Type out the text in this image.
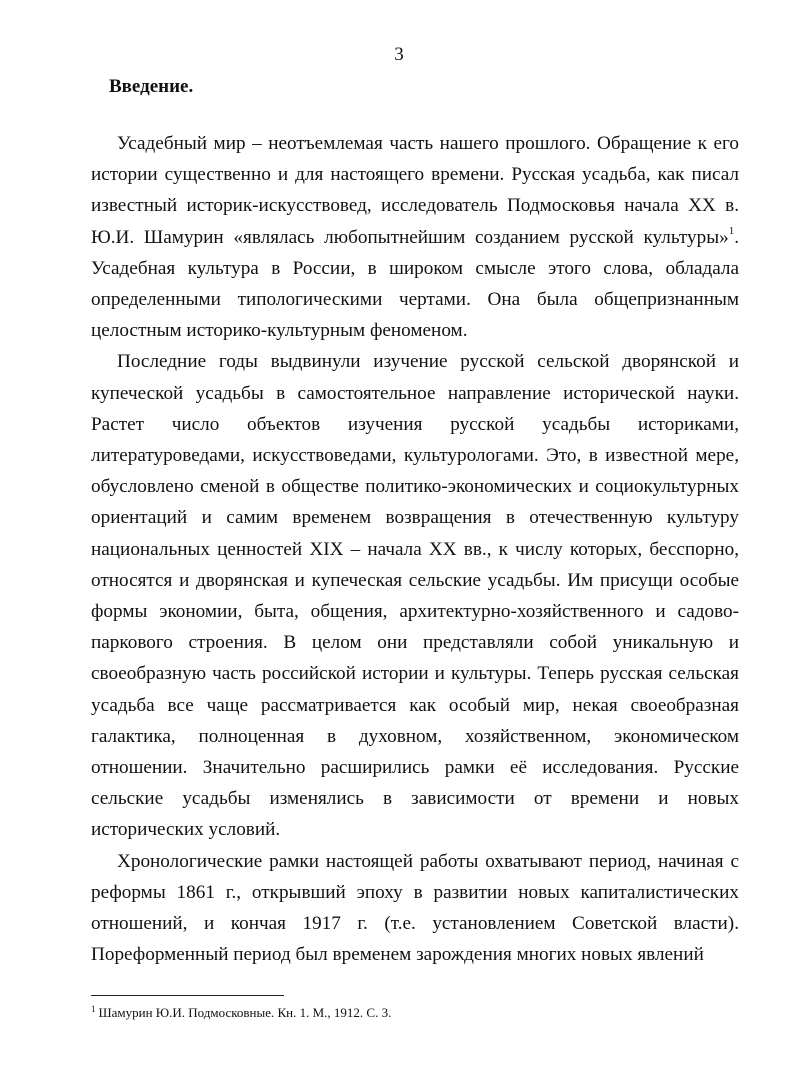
3
Введение.

Усадебный мир – неотъемлемая часть нашего прошлого. Обращение к его истории существенно и для настоящего времени. Русская усадьба, как писал известный историк-искусствовед, исследователь Подмосковья начала XX в. Ю.И. Шамурин «являлась любопытнейшим созданием русской культуры»$^1$. Усадебная культура в России, в широком смысле этого слова, обладала определенными типологическими чертами. Она была общепризнанным целостным историко-культурным феноменом.

Последние годы выдвинули изучение русской сельской дворянской и купеческой усадьбы в самостоятельное направление исторической науки. Растет число объектов изучения русской усадьбы историками, литературоведами, искусствоведами, культурологами. Это, в известной мере, обусловлено сменой в обществе политико-экономических и социокультурных ориентаций и самим временем возвращения в отечественную культуру национальных ценностей XIX – начала XX вв., к числу которых, бесспорно, относятся и дворянская и купеческая сельские усадьбы. Им присущи особые формы экономии, быта, общения, архитектурно-хозяйственного и садово-паркового строения. В целом они представляли собой уникальную и своеобразную часть российской истории и культуры. Теперь русская сельская усадьба все чаще рассматривается как особый мир, некая своеобразная галактика, полноценная в духовном, хозяйственном, экономическом отношении. Значительно расширились рамки её исследования. Русские сельские усадьбы изменялись в зависимости от времени и новых исторических условий.

Хронологические рамки настоящей работы охватывают период, начиная с реформы 1861 г., открывший эпоху в развитии новых капиталистических отношений, и кончая 1917 г. (т.е. установлением Советской власти). Пореформенный период был временем зарождения многих новых явлений

$^1$ Шамурин Ю.И. Подмосковные. Кн. 1. М., 1912. С. 3.
